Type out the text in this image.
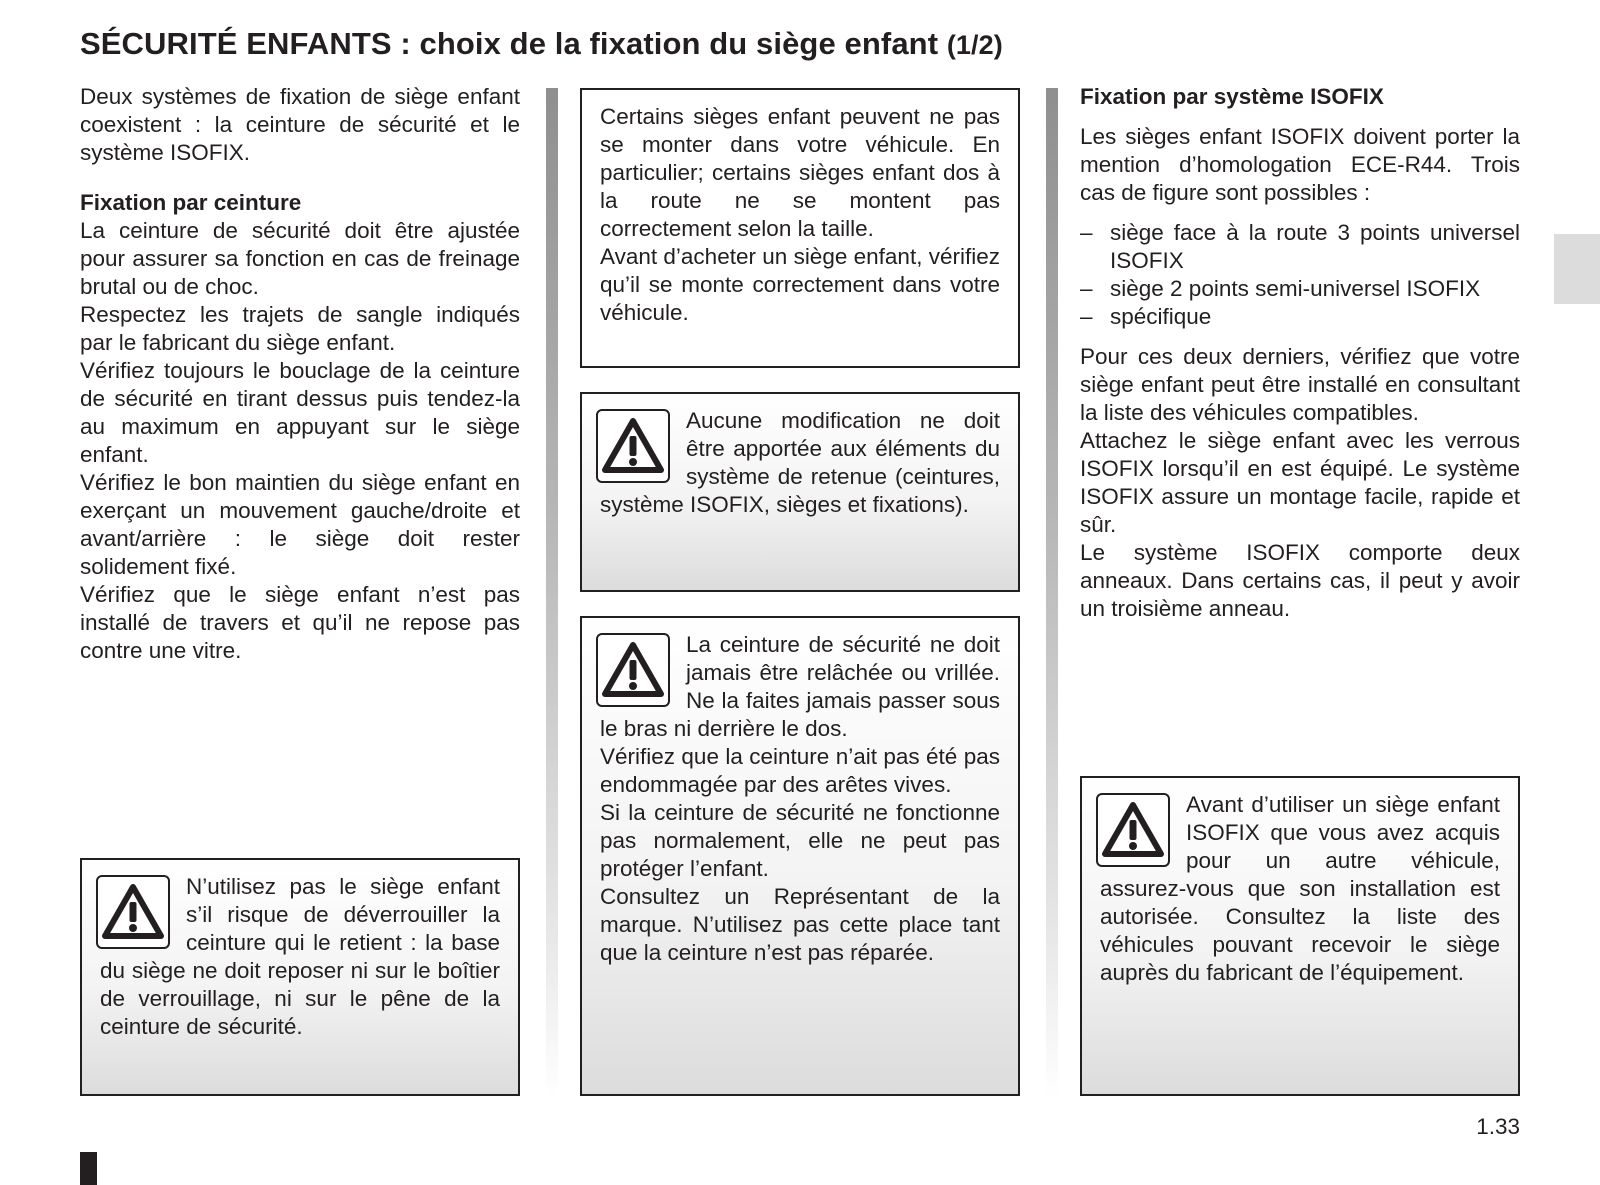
SÉCURITÉ ENFANTS : choix de la fixation du siège enfant (1/2)

Deux systèmes de fixation de siège enfant coexistent : la ceinture de sécurité et le système ISOFIX.

Fixation par ceinture

La ceinture de sécurité doit être ajustée pour assurer sa fonction en cas de freinage brutal ou de choc.

Respectez les trajets de sangle indiqués par le fabricant du siège enfant.

Vérifiez toujours le bouclage de la ceinture de sécurité en tirant dessus puis tendez-la au maximum en appuyant sur le siège enfant.

Vérifiez le bon maintien du siège enfant en exerçant un mouvement gauche/droite et avant/arrière : le siège doit rester solidement fixé.

Vérifiez que le siège enfant n’est pas installé de travers et qu’il ne repose pas contre une vitre.

Certains sièges enfant peuvent ne pas se monter dans votre véhicule. En particulier; certains sièges enfant dos à la route ne se montent pas correctement selon la taille.

Avant d’acheter un siège enfant, vérifiez qu’il se monte correctement dans votre véhicule.

Aucune modification ne doit être apportée aux éléments du système de retenue (ceintures, système ISOFIX, sièges et fixations).

La ceinture de sécurité ne doit jamais être relâchée ou vrillée. Ne la faites jamais passer sous le bras ni derrière le dos.

Vérifiez que la ceinture n’ait pas été pas endommagée par des arêtes vives.

Si la ceinture de sécurité ne fonctionne pas normalement, elle ne peut pas protéger l’enfant.

Consultez un Représentant de la marque. N’utilisez pas cette place tant que la ceinture n’est pas réparée.

N’utilisez pas le siège enfant s’il risque de déverrouiller la ceinture qui le retient : la base du siège ne doit reposer ni sur le boîtier de verrouillage, ni sur le pêne de la ceinture de sécurité.

Fixation par système ISOFIX

Les sièges enfant ISOFIX doivent porter la mention d’homologation ECE-R44. Trois cas de figure sont possibles :

– siège face à la route 3 points universel ISOFIX
– siège 2 points semi-universel ISOFIX
– spécifique

Pour ces deux derniers, vérifiez que votre siège enfant peut être installé en consultant la liste des véhicules compatibles.

Attachez le siège enfant avec les verrous ISOFIX lorsqu’il en est équipé. Le système ISOFIX assure un montage facile, rapide et sûr.

Le système ISOFIX comporte deux anneaux. Dans certains cas, il peut y avoir un troisième anneau.

Avant d’utiliser un siège enfant ISOFIX que vous avez acquis pour un autre véhicule, assurez-vous que son installation est autorisée. Consultez la liste des véhicules pouvant recevoir le siège auprès du fabricant de l’équipement.

1.33
